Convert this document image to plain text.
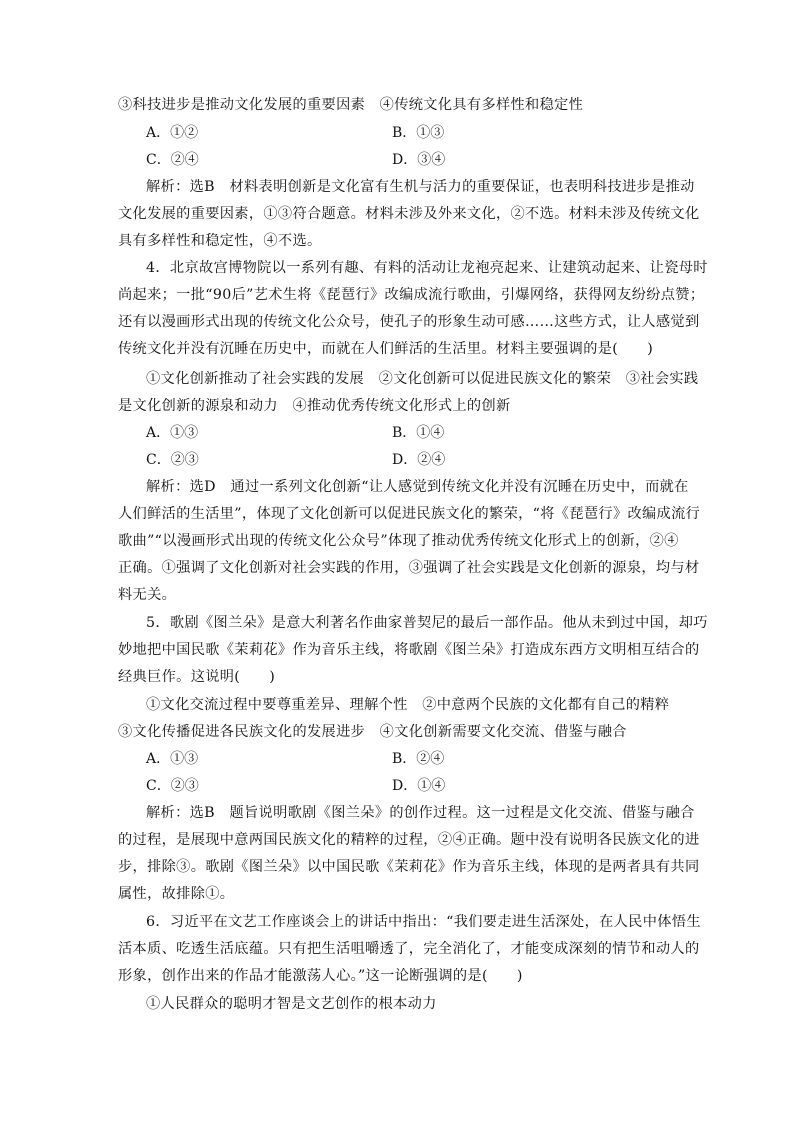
③科技进步是推动文化发展的重要因素　④传统文化具有多样性和稳定性
A．①②	B．①③
C．②④	D．③④
解析：选B　材料表明创新是文化富有生机与活力的重要保证，也表明科技进步是推动
文化发展的重要因素，①③符合题意。材料未涉及外来文化，②不选。材料未涉及传统文化
具有多样性和稳定性，④不选。
4．北京故宫博物院以一系列有趣、有料的活动让龙袍亮起来、让建筑动起来、让瓷母时
尚起来；一批“90后”艺术生将《琵琶行》改编成流行歌曲，引爆网络，获得网友纷纷点赞；
还有以漫画形式出现的传统文化公众号，使孔子的形象生动可感……这些方式，让人感觉到
传统文化并没有沉睡在历史中，而就在人们鲜活的生活里。材料主要强调的是(　　)
①文化创新推动了社会实践的发展　②文化创新可以促进民族文化的繁荣　③社会实践
是文化创新的源泉和动力　④推动优秀传统文化形式上的创新
A．①③	B．①④
C．②③	D．②④
解析：选D　通过一系列文化创新“让人感觉到传统文化并没有沉睡在历史中，而就在
人们鲜活的生活里”，体现了文化创新可以促进民族文化的繁荣，“将《琵琶行》改编成流行
歌曲”“以漫画形式出现的传统文化公众号”体现了推动优秀传统文化形式上的创新，②④
正确。①强调了文化创新对社会实践的作用，③强调了社会实践是文化创新的源泉，均与材
料无关。
5．歌剧《图兰朵》是意大利著名作曲家普契尼的最后一部作品。他从未到过中国，却巧
妙地把中国民歌《茉莉花》作为音乐主线，将歌剧《图兰朵》打造成东西方文明相互结合的
经典巨作。这说明(　　)
①文化交流过程中要尊重差异、理解个性　②中意两个民族的文化都有自己的精粹
③文化传播促进各民族文化的发展进步　④文化创新需要文化交流、借鉴与融合
A．①③	B．②④
C．②③	D．①④
解析：选B　题旨说明歌剧《图兰朵》的创作过程。这一过程是文化交流、借鉴与融合
的过程，是展现中意两国民族文化的精粹的过程，②④正确。题中没有说明各民族文化的进
步，排除③。歌剧《图兰朵》以中国民歌《茉莉花》作为音乐主线，体现的是两者具有共同
属性，故排除①。
6．习近平在文艺工作座谈会上的讲话中指出：“我们要走进生活深处，在人民中体悟生
活本质、吃透生活底蕴。只有把生活咀嚼透了，完全消化了，才能变成深刻的情节和动人的
形象，创作出来的作品才能激荡人心。”这一论断强调的是(　　)
①人民群众的聪明才智是文艺创作的根本动力
